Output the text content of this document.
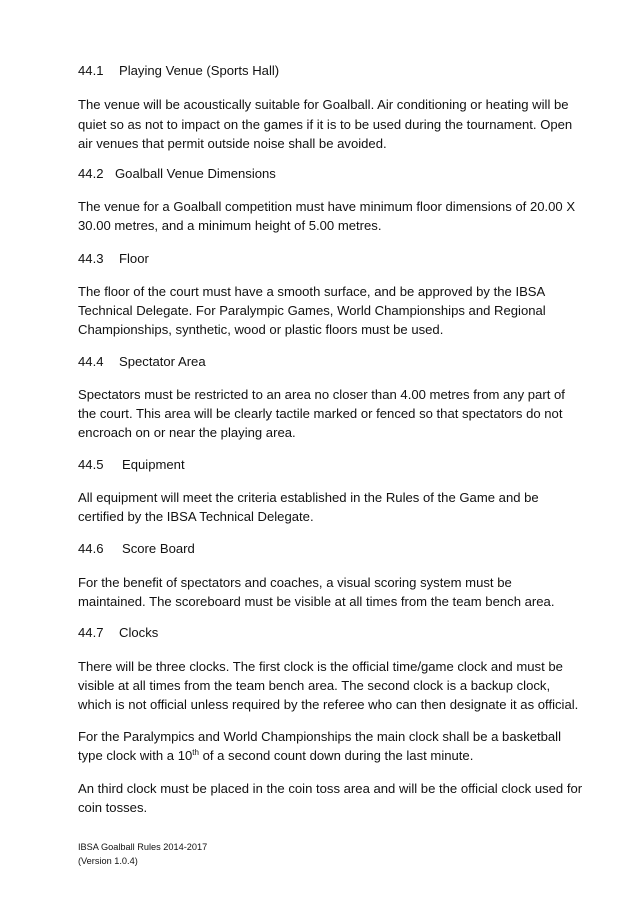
44.1 Playing Venue (Sports Hall)
The venue will be acoustically suitable for Goalball. Air conditioning or heating will be
quiet so as not to impact on the games if it is to be used during the tournament. Open
air venues that permit outside noise shall be avoided.
44.2 Goalball Venue Dimensions
The venue for a Goalball competition must have minimum floor dimensions of 20.00 X
30.00 metres, and a minimum height of 5.00 metres.
44.3 Floor
The floor of the court must have a smooth surface, and be approved by the IBSA
Technical Delegate. For Paralympic Games, World Championships and Regional
Championships, synthetic, wood or plastic floors must be used.
44.4 Spectator Area
Spectators must be restricted to an area no closer than 4.00 metres from any part of
the court. This area will be clearly tactile marked or fenced so that spectators do not
encroach on or near the playing area.
44.5 Equipment
All equipment will meet the criteria established in the Rules of the Game and be
certified by the IBSA Technical Delegate.
44.6 Score Board
For the benefit of spectators and coaches, a visual scoring system must be
maintained. The scoreboard must be visible at all times from the team bench area.
44.7 Clocks
There will be three clocks. The first clock is the official time/game clock and must be
visible at all times from the team bench area. The second clock is a backup clock,
which is not official unless required by the referee who can then designate it as official.
For the Paralympics and World Championships the main clock shall be a basketball
type clock with a 10th of a second count down during the last minute.
An third clock must be placed in the coin toss area and will be the official clock used for
coin tosses.
IBSA Goalball Rules 2014-2017
(Version 1.0.4)
